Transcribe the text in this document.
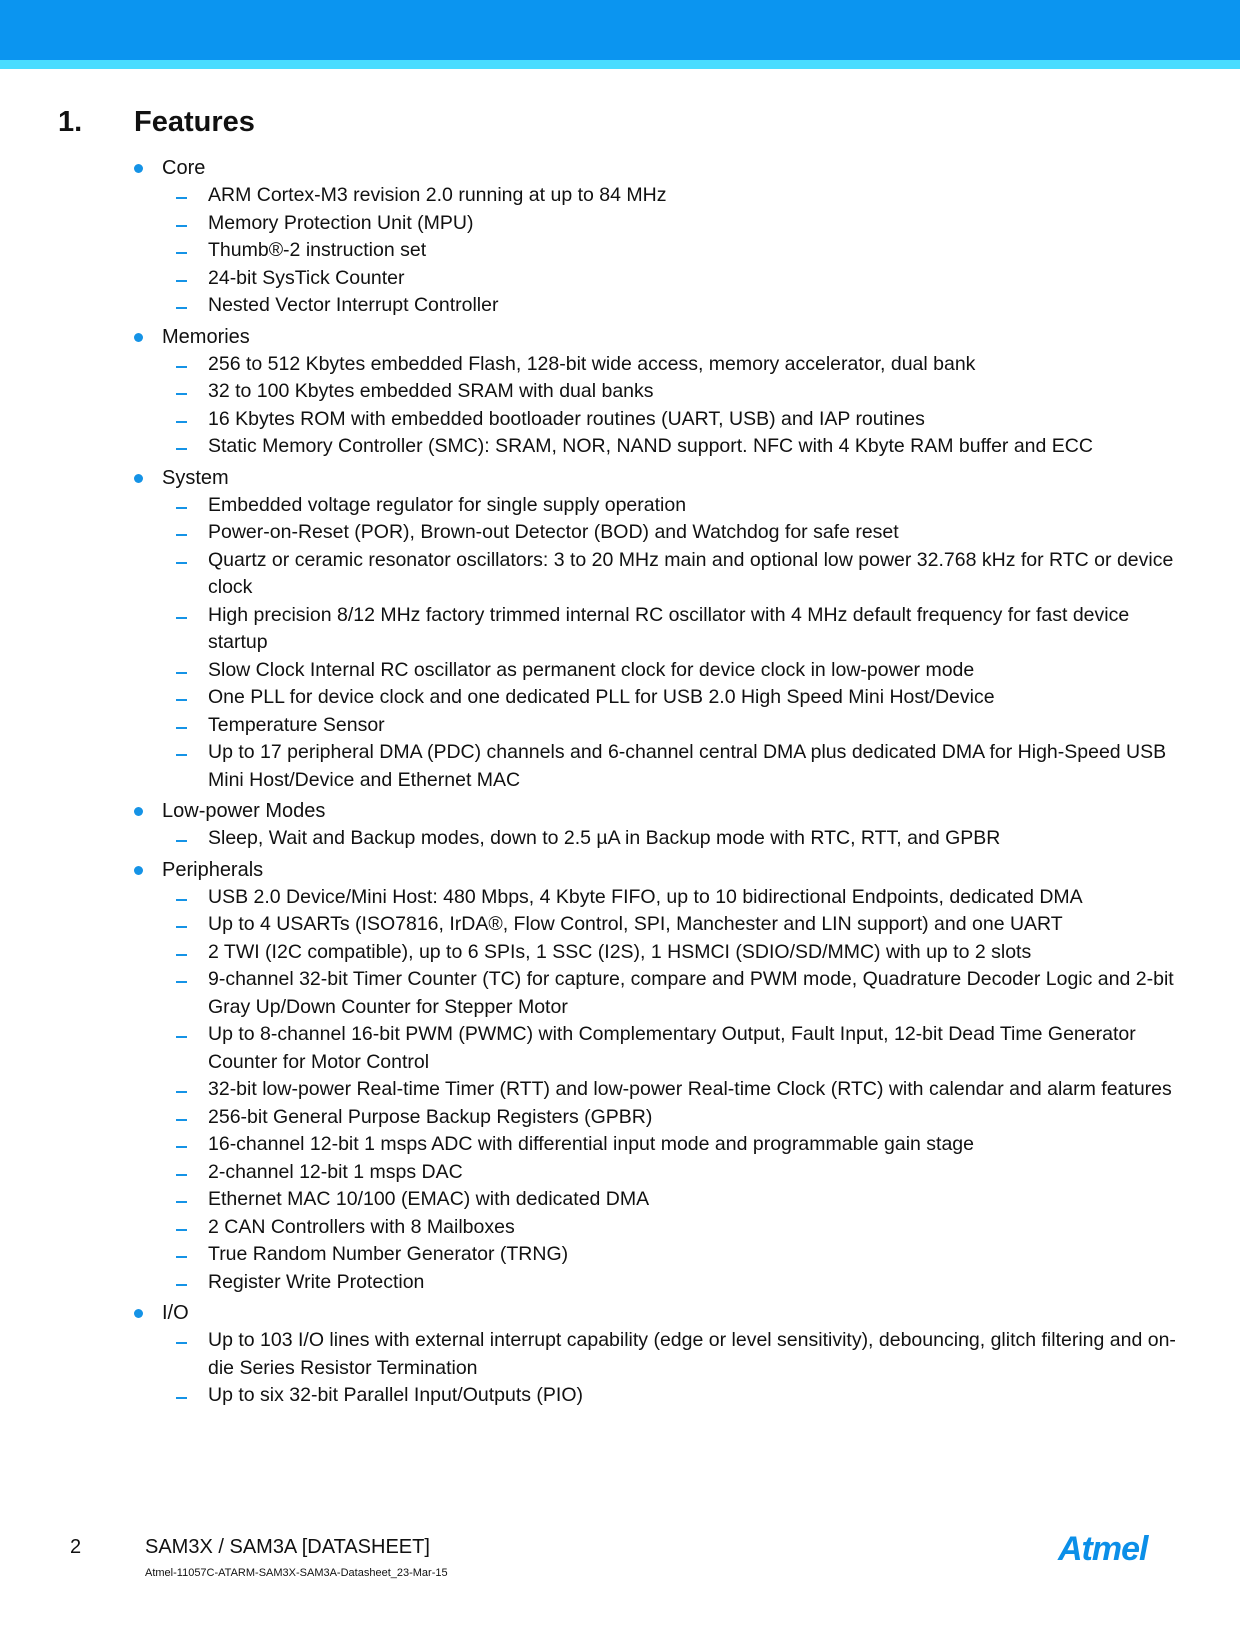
1. Features
Core
ARM Cortex-M3 revision 2.0 running at up to 84 MHz
Memory Protection Unit (MPU)
Thumb®-2 instruction set
24-bit SysTick Counter
Nested Vector Interrupt Controller
Memories
256 to 512 Kbytes embedded Flash, 128-bit wide access, memory accelerator, dual bank
32 to 100 Kbytes embedded SRAM with dual banks
16 Kbytes ROM with embedded bootloader routines (UART, USB) and IAP routines
Static Memory Controller (SMC): SRAM, NOR, NAND support. NFC with 4 Kbyte RAM buffer and ECC
System
Embedded voltage regulator for single supply operation
Power-on-Reset (POR), Brown-out Detector (BOD) and Watchdog for safe reset
Quartz or ceramic resonator oscillators: 3 to 20 MHz main and optional low power 32.768 kHz for RTC or device clock
High precision 8/12 MHz factory trimmed internal RC oscillator with 4 MHz default frequency for fast device startup
Slow Clock Internal RC oscillator as permanent clock for device clock in low-power mode
One PLL for device clock and one dedicated PLL for USB 2.0 High Speed Mini Host/Device
Temperature Sensor
Up to 17 peripheral DMA (PDC) channels and 6-channel central DMA plus dedicated DMA for High-Speed USB Mini Host/Device and Ethernet MAC
Low-power Modes
Sleep, Wait and Backup modes, down to 2.5 µA in Backup mode with RTC, RTT, and GPBR
Peripherals
USB 2.0 Device/Mini Host: 480 Mbps, 4 Kbyte FIFO, up to 10 bidirectional Endpoints, dedicated DMA
Up to 4 USARTs (ISO7816, IrDA®, Flow Control, SPI, Manchester and LIN support) and one UART
2 TWI (I2C compatible), up to 6 SPIs, 1 SSC (I2S), 1 HSMCI (SDIO/SD/MMC) with up to 2 slots
9-channel 32-bit Timer Counter (TC) for capture, compare and PWM mode, Quadrature Decoder Logic and 2-bit Gray Up/Down Counter for Stepper Motor
Up to 8-channel 16-bit PWM (PWMC) with Complementary Output, Fault Input, 12-bit Dead Time Generator Counter for Motor Control
32-bit low-power Real-time Timer (RTT) and low-power Real-time Clock (RTC) with calendar and alarm features
256-bit General Purpose Backup Registers (GPBR)
16-channel 12-bit 1 msps ADC with differential input mode and programmable gain stage
2-channel 12-bit 1 msps DAC
Ethernet MAC 10/100 (EMAC) with dedicated DMA
2 CAN Controllers with 8 Mailboxes
True Random Number Generator (TRNG)
Register Write Protection
I/O
Up to 103 I/O lines with external interrupt capability (edge or level sensitivity), debouncing, glitch filtering and on-die Series Resistor Termination
Up to six 32-bit Parallel Input/Outputs (PIO)
2	SAM3X / SAM3A [DATASHEET]
Atmel-11057C-ATARM-SAM3X-SAM3A-Datasheet_23-Mar-15
Atmel
